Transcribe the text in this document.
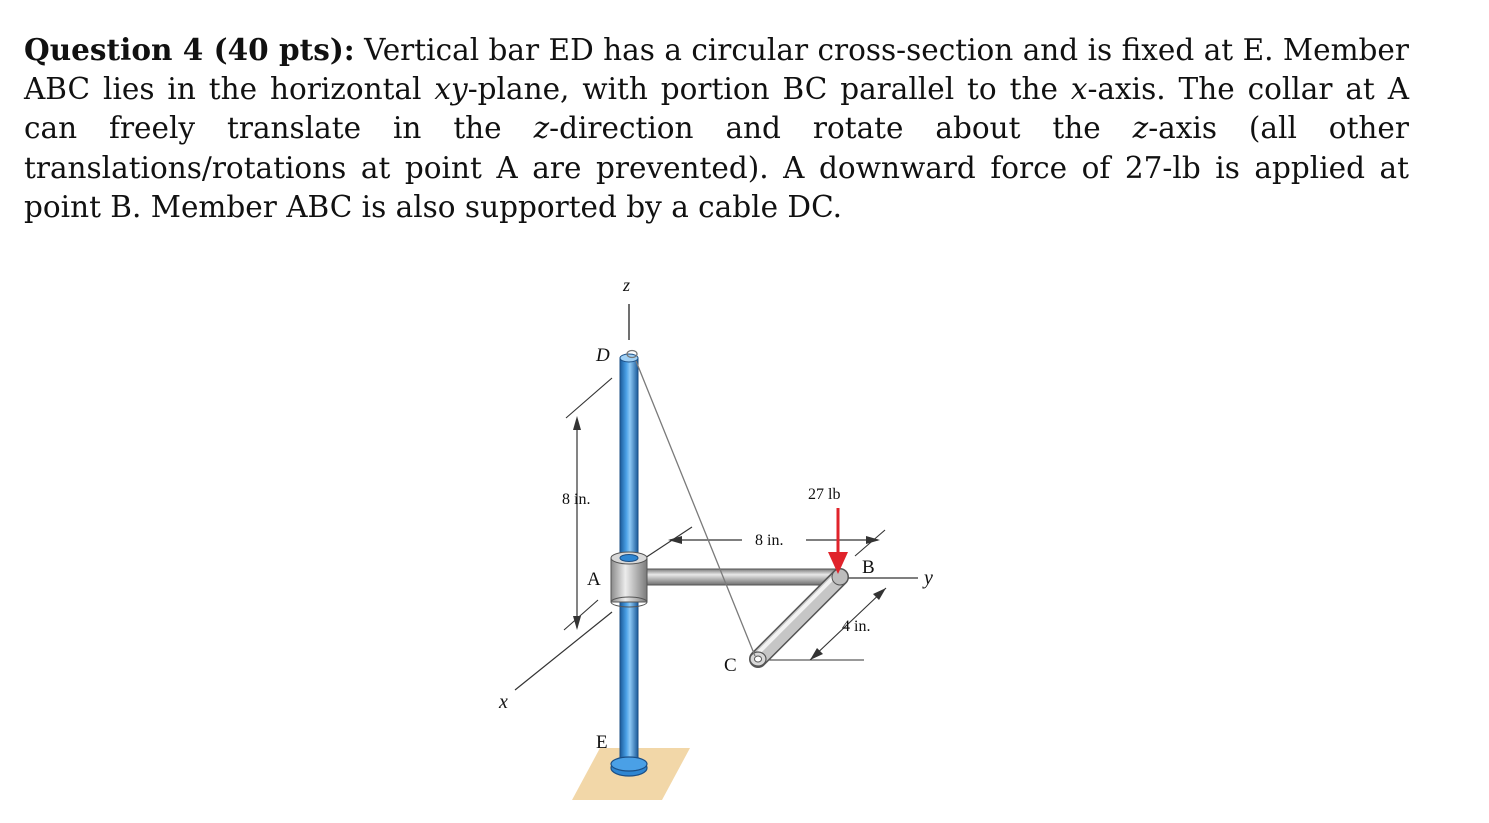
Question 4 (40 pts): Vertical bar ED has a circular cross-section and is fixed at E. Member ABC lies in the horizontal xy-plane, with portion BC parallel to the x-axis. The collar at A can freely translate in the z-direction and rotate about the z-axis (all other translations/rotations at point A are prevented). A downward force of 27-lb is applied at point B. Member ABC is also supported by a cable DC.
z
x
y
D
A
B
C
E
8 in.
8 in.
4 in.
27 lb
